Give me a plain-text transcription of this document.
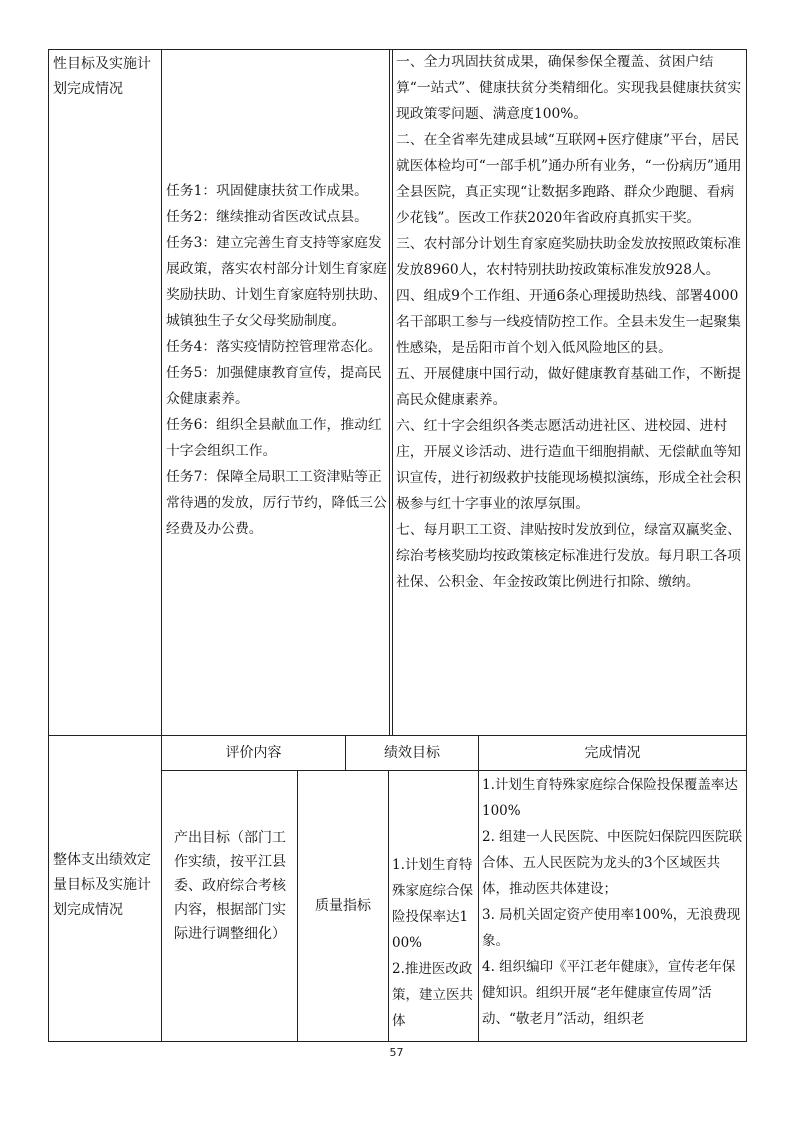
性目标及实施计划完成情况

任务1：巩固健康扶贫工作成果。

任务2：继续推动省医改试点县。

任务3：建立完善生育支持等家庭发展政策，落实农村部分计划生育家庭奖励扶助、计划生育家庭特别扶助、城镇独生子女父母奖励制度。

任务4：落实疫情防控管理常态化。

任务5：加强健康教育宣传，提高民众健康素养。

任务6：组织全县献血工作，推动红十字会组织工作。

任务7：保障全局职工工资津贴等正常待遇的发放，厉行节约，降低三公经费及办公费。

一、全力巩固扶贫成果，确保参保全覆盖、贫困户结算“一站式”、健康扶贫分类精细化。实现我县健康扶贫实现政策零问题、满意度100%。

二、在全省率先建成县域“互联网+医疗健康”平台，居民就医体检均可“一部手机”通办所有业务，“一份病历”通用全县医院，真正实现“让数据多跑路、群众少跑腿、看病少花钱”。医改工作获2020年省政府真抓实干奖。

三、农村部分计划生育家庭奖励扶助金发放按照政策标准发放8960人，农村特别扶助按政策标准发放928人。

四、组成9个工作组、开通6条心理援助热线、部署4000名干部职工参与一线疫情防控工作。全县未发生一起聚集性感染，是岳阳市首个划入低风险地区的县。

五、开展健康中国行动，做好健康教育基础工作，不断提高民众健康素养。

六、红十字会组织各类志愿活动进社区、进校园、进村庄，开展义诊活动、进行造血干细胞捐献、无偿献血等知识宣传，进行初级救护技能现场模拟演练，形成全社会积极参与红十字事业的浓厚氛围。

七、每月职工工资、津贴按时发放到位，绿富双赢奖金、综治考核奖励均按政策核定标准进行发放。每月职工各项社保、公积金、年金按政策比例进行扣除、缴纳。

整体支出绩效定量目标及实施计划完成情况

评价内容	绩效目标	完成情况

产出目标（部门工作实绩，按平江县委、政府综合考核内容，根据部门实际进行调整细化）

质量指标

1.计划生育特殊家庭综合保险投保率达100%
2.推进医改政策，建立医共体

1.计划生育特殊家庭综合保险投保覆盖率达100%

2. 组建一人民医院、中医院妇保院四医院联合体、五人民医院为龙头的3个区域医共体，推动医共体建设；

3. 局机关固定资产使用率100%，无浪费现象。

4. 组织编印《平江老年健康》，宣传老年保健知识。组织开展“老年健康宣传周”活动、“敬老月”活动，组织老

57
